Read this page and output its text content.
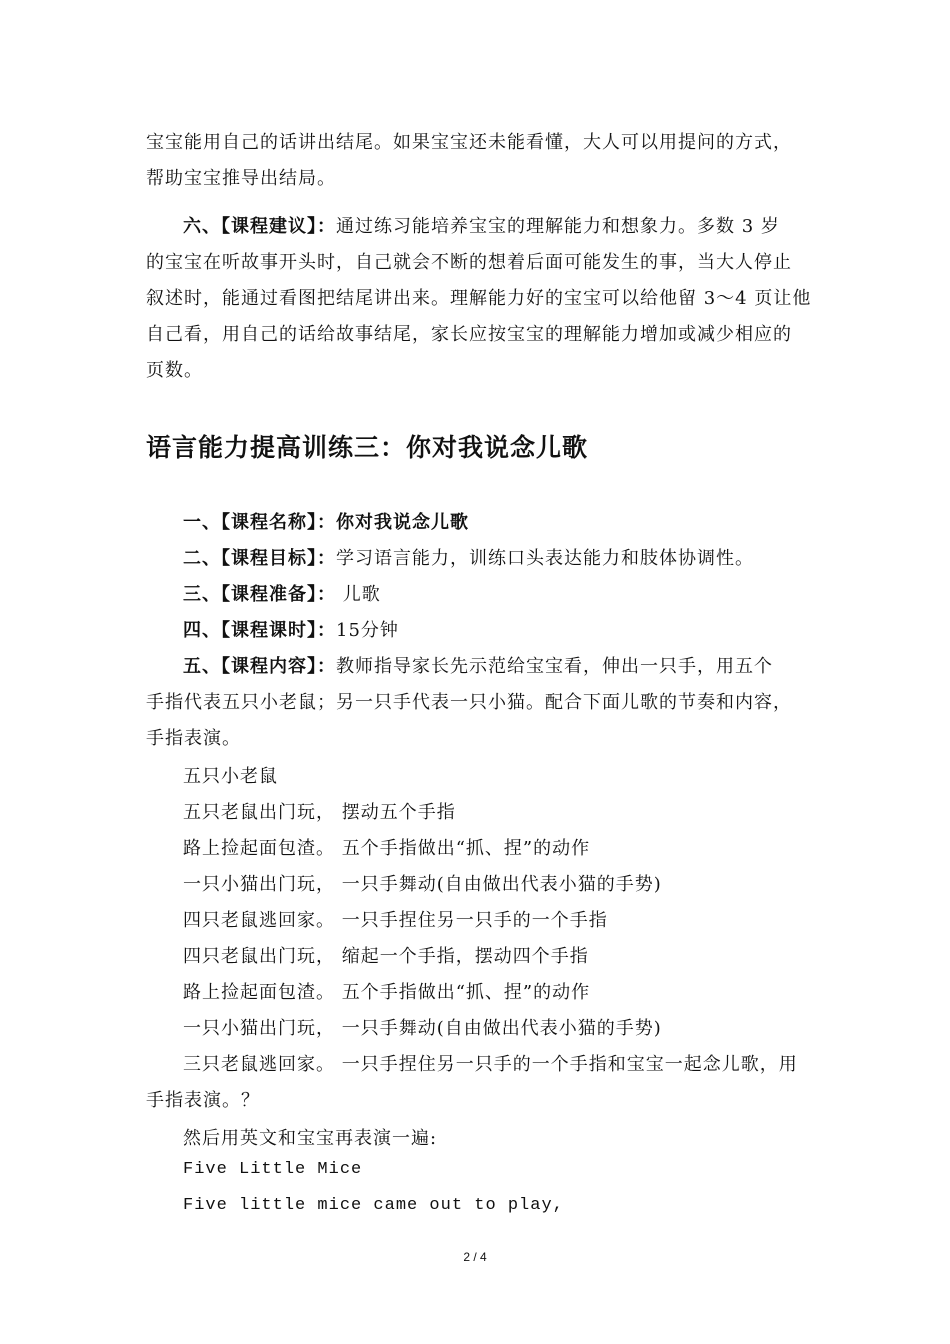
宝宝能用自己的话讲出结尾。如果宝宝还未能看懂，大人可以用提问的方式，
帮助宝宝推导出结局。
六、【课程建议】：通过练习能培养宝宝的理解能力和想象力。多数 3 岁
的宝宝在听故事开头时，自己就会不断的想着后面可能发生的事，当大人停止
叙述时，能通过看图把结尾讲出来。理解能力好的宝宝可以给他留 3～4 页让他
自己看，用自己的话给故事结尾，家长应按宝宝的理解能力增加或减少相应的
页数。
语言能力提高训练三：你对我说念儿歌
一、【课程名称】：你对我说念儿歌
二、【课程目标】：学习语言能力，训练口头表达能力和肢体协调性。
三、【课程准备】： 儿歌
四、【课程课时】：15分钟
五、【课程内容】：教师指导家长先示范给宝宝看，伸出一只手，用五个
手指代表五只小老鼠；另一只手代表一只小猫。配合下面儿歌的节奏和内容，
手指表演。
五只小老鼠
五只老鼠出门玩， 摆动五个手指
路上捡起面包渣。 五个手指做出“抓、捏”的动作
一只小猫出门玩， 一只手舞动(自由做出代表小猫的手势)
四只老鼠逃回家。 一只手捏住另一只手的一个手指
四只老鼠出门玩， 缩起一个手指，摆动四个手指
路上捡起面包渣。 五个手指做出“抓、捏”的动作
一只小猫出门玩， 一只手舞动(自由做出代表小猫的手势)
三只老鼠逃回家。 一只手捏住另一只手的一个手指和宝宝一起念儿歌，用
手指表演。？
然后用英文和宝宝再表演一遍:
Five Little Mice
Five little mice came out to play,
2 / 4
